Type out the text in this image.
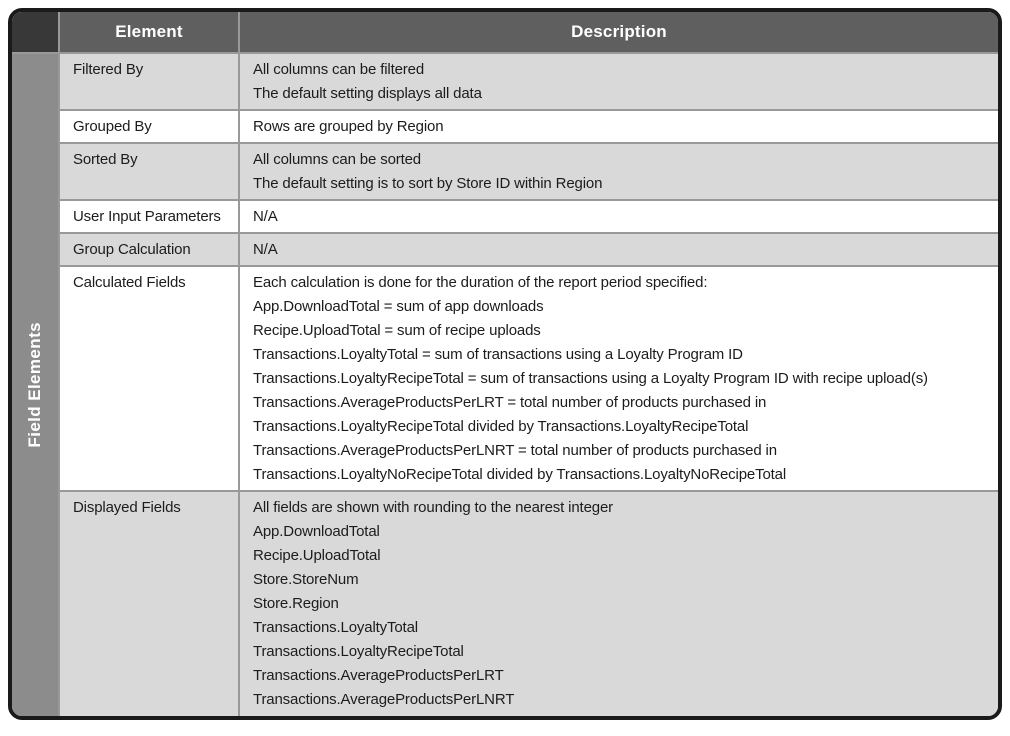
Element	Description
Field Elements
Filtered By	All columns can be filtered
The default setting displays all data
Grouped By	Rows are grouped by Region
Sorted By	All columns can be sorted
The default setting is to sort by Store ID within Region
User Input Parameters	N/A
Group Calculation	N/A
Calculated Fields	Each calculation is done for the duration of the report period specified:
App.DownloadTotal = sum of app downloads
Recipe.UploadTotal = sum of recipe uploads
Transactions.LoyaltyTotal = sum of transactions using a Loyalty Program ID
Transactions.LoyaltyRecipeTotal = sum of transactions using a Loyalty Program ID with recipe upload(s)
Transactions.AverageProductsPerLRT = total number of products purchased in
Transactions.LoyaltyRecipeTotal divided by Transactions.LoyaltyRecipeTotal
Transactions.AverageProductsPerLNRT = total number of products purchased in
Transactions.LoyaltyNoRecipeTotal divided by Transactions.LoyaltyNoRecipeTotal
Displayed Fields	All fields are shown with rounding to the nearest integer
App.DownloadTotal
Recipe.UploadTotal
Store.StoreNum
Store.Region
Transactions.LoyaltyTotal
Transactions.LoyaltyRecipeTotal
Transactions.AverageProductsPerLRT
Transactions.AverageProductsPerLNRT
